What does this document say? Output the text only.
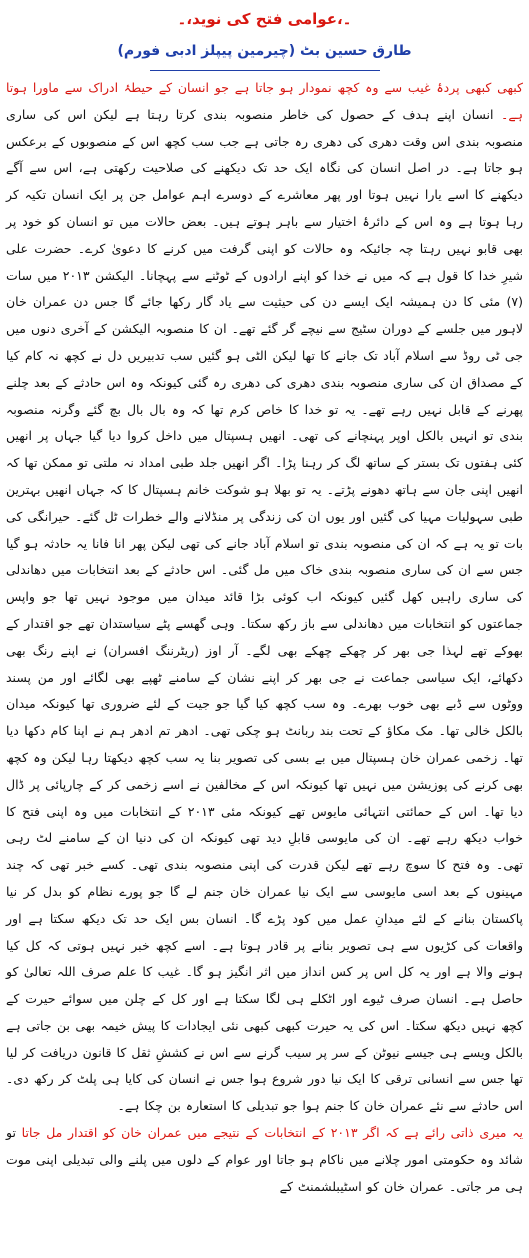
۔،عوامی فتح کی نوید،۔
طارق حسین بٹ (چیرمین پیپلز ادبی فورم)

کبھی کبھی پردۂ غیب سے وہ کچھ نمودار ہو جاتا ہے جو انسان کے حیطۂ ادراک سے ماورا ہوتا ہے۔ انسان اپنے ہدف کے حصول کی خاطر منصوبہ بندی کرتا رہتا ہے لیکن اس کی ساری منصوبہ بندی اس وقت دھری کی دھری رہ جاتی ہے جب سب کچھ اس کے منصوبوں کے برعکس ہو جاتا ہے۔ در اصل انسان کی نگاہ ایک حد تک دیکھنے کی صلاحیت رکھتی ہے، اس سے آگے دیکھنے کا اسے یارا نہیں ہوتا اور پھر معاشرے کے دوسرے اہم عوامل جن پر ایک انسان تکیہ کر رہا ہوتا ہے وہ اس کے دائرۂ اختیار سے باہر ہوتے ہیں۔ بعض حالات میں تو انسان کو خود پر بھی قابو نہیں رہتا چہ جائیکہ وہ حالات کو اپنی گرفت میں کرنے کا دعویٰ کرے۔ حضرت علی شیرِ خدا کا قول ہے کہ میں نے خدا کو اپنے ارادوں کے ٹوٹنے سے پہچانا۔ الیکشن ۲۰۱۳ میں سات (۷) مئی کا دن ہمیشہ ایک ایسے دن کی حیثیت سے یاد گار رکھا جائے گا جس دن عمران خان لاہور میں جلسے کے دوران سٹیج سے نیچے گر گئے تھے۔ ان کا منصوبہ الیکشن کے آخری دنوں میں جی ٹی روڈ سے اسلام آباد تک جانے کا تھا لیکن الٹی ہو گئیں سب تدبیریں دل نے کچھ نہ کام کیا کے مصداق ان کی ساری منصوبہ بندی دھری کی دھری رہ گئی کیونکہ وہ اس حادثے کے بعد چلنے پھرنے کے قابل نہیں رہے تھے۔ یہ تو خدا کا خاص کرم تھا کہ وہ بال بال بچ گئے وگرنہ منصوبہ بندی تو انہیں بالکل اوپر پہنچانے کی تھی۔ انھیں ہسپتال میں داخل کروا دیا گیا جہاں پر انھیں کئی ہفتوں تک بستر کے ساتھ لگ کر رہنا پڑا۔ اگر انھیں جلد طبی امداد نہ ملتی تو ممکن تھا کہ انھیں اپنی جان سے ہاتھ دھونے پڑتے۔ یہ تو بھلا ہو شوکت خانم ہسپتال کا کہ جہاں انھیں بہترین طبی سہولیات مہیا کی گئیں اور یوں ان کی زندگی پر منڈلانے والے خطرات ٹل گئے۔ حیرانگی کی بات تو یہ ہے کہ ان کی منصوبہ بندی تو اسلام آباد جانے کی تھی لیکن پھر انا فانا یہ حادثہ ہو گیا جس سے ان کی ساری منصوبہ بندی خاک میں مل گئی۔ اس حادثے کے بعد انتخابات میں دھاندلی کی ساری راہیں کھل گئیں کیونکہ اب کوئی بڑا قائد میدان میں موجود نہیں تھا جو واپس جماعتوں کو انتخابات میں دھاندلی سے باز رکھ سکتا۔ وہی گھسے پٹے سیاستدان تھے جو اقتدار کے بھوکے تھے لہذا جی بھر کر چھکے چھکے بھی لگے۔ آر اوز (ریٹرننگ افسران) نے اپنے رنگ بھی دکھائے، ایک سیاسی جماعت نے جی بھر کر اپنے نشان کے سامنے ٹھپے بھی لگائے اور من پسند ووٹوں سے ڈبے بھی خوب بھرے۔ وہ سب کچھ کیا گیا جو جیت کے لئے ضروری تھا کیونکہ میدان بالکل خالی تھا۔ مک مکاؤ کے تحت بند ربانٹ ہو چکی تھی۔ ادھر تم ادھر ہم نے اپنا کام دکھا دیا تھا۔ زخمی عمران خان ہسپتال میں بے بسی کی تصویر بنا یہ سب کچھ دیکھتا رہا لیکن وہ کچھ بھی کرنے کی پوزیشن میں نہیں تھا کیونکہ اس کے مخالفین نے اسے زخمی کر کے چارپائی پر ڈال دیا تھا۔ اس کے حمائتی انتہائی مایوس تھے کیونکہ مئی ۲۰۱۳ کے انتخابات میں وہ اپنی فتح کا خواب دیکھ رہے تھے۔ ان کی مایوسی قابلِ دید تھی کیونکہ ان کی دنیا ان کے سامنے لٹ رہی تھی۔ وہ فتح کا سوچ رہے تھے لیکن قدرت کی اپنی منصوبہ بندی تھی۔ کسے خبر تھی کہ چند مہینوں کے بعد اسی مایوسی سے ایک نیا عمران خان جنم لے گا جو پورے نظام کو بدل کر نیا پاکستان بنانے کے لئے میدانِ عمل میں کود پڑے گا۔ انسان بس ایک حد تک دیکھ سکتا ہے اور واقعات کی کڑیوں سے ہی تصویر بنانے پر قادر ہوتا ہے۔ اسے کچھ خبر نہیں ہوتی کہ کل کیا ہونے والا ہے اور یہ کل اس پر کس انداز میں اثر انگیز ہو گا۔ غیب کا علم صرف اللہ تعالیٰ کو حاصل ہے۔ انسان صرف ٹیوے اور اٹکلے ہی لگا سکتا ہے اور کل کے چلن میں سوائے حیرت کے کچھ نہیں دیکھ سکتا۔ اس کی یہ حیرت کبھی کبھی نئی ایجادات کا پیش خیمہ بھی بن جاتی ہے بالکل ویسے ہی جیسے نیوٹن کے سر پر سیب گرنے سے اس نے کششِ ثقل کا قانون دریافت کر لیا تھا جس سے انسانی ترقی کا ایک نیا دور شروع ہوا جس نے انسان کی کایا ہی پلٹ کر رکھ دی۔ اس حادثے سے نئے عمران خان کا جنم ہوا جو تبدیلی کا استعارہ بن چکا ہے۔

یہ میری ذاتی رائے ہے کہ اگر ۲۰۱۳ کے انتخابات کے نتیجے میں عمران خان کو اقتدار مل جاتا تو شائد وہ حکومتی امور چلانے میں ناکام ہو جاتا اور عوام کے دلوں میں پلنے والی تبدیلی اپنی موت ہی مر جاتی۔ عمران خان کو اسٹیبلشمنٹ کے
